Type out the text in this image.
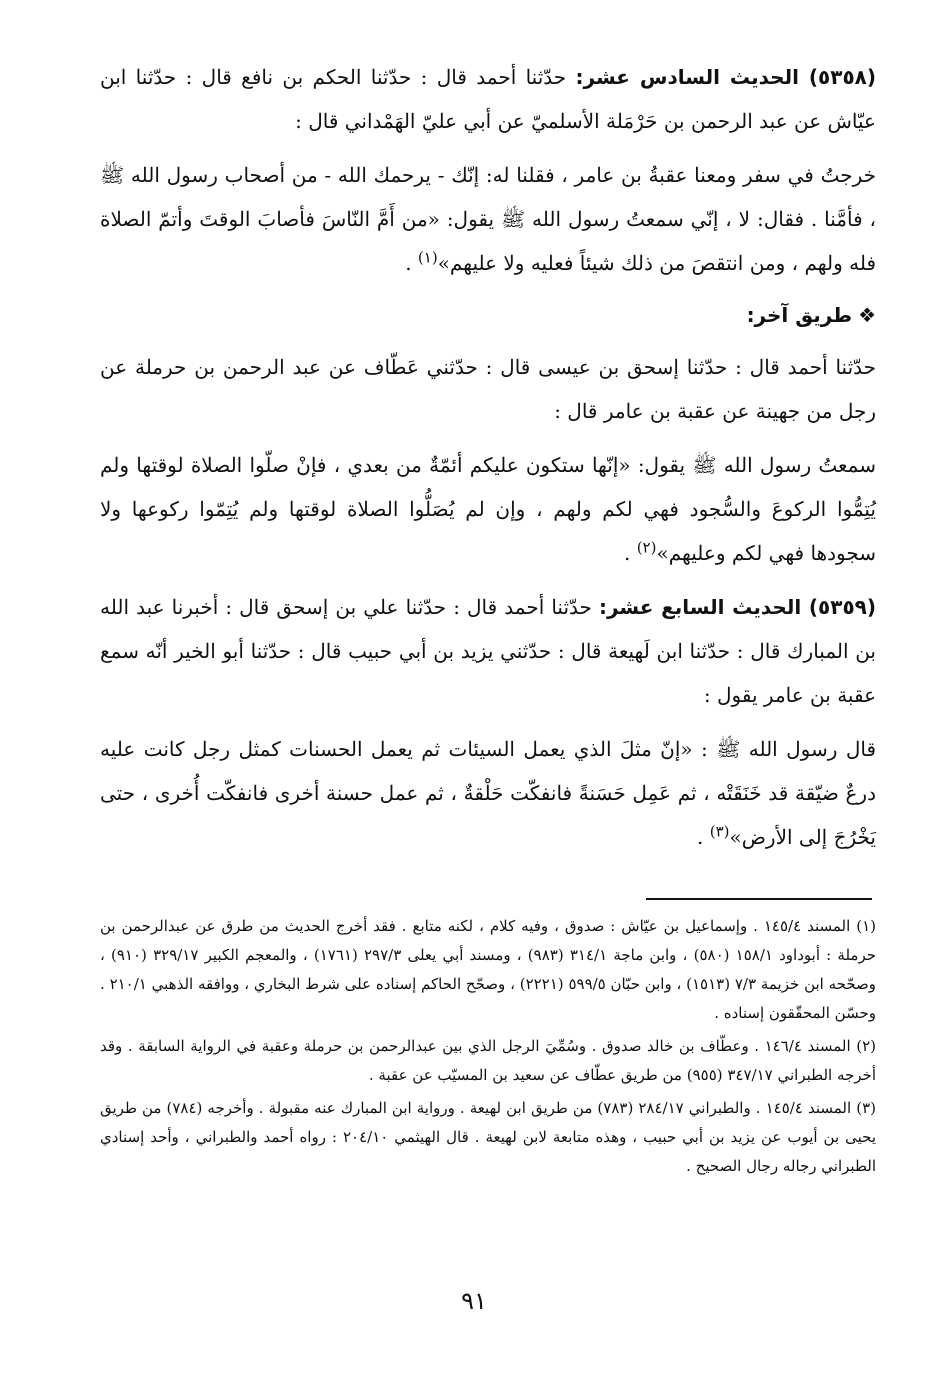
(٥٣٥٨) الحديث السادس عشر: حدّثنا أحمد قال : حدّثنا الحكم بن نافع قال : حدّثنا ابن عيّاش عن عبد الرحمن بن حَرْمَلة الأسلميّ عن أبي عليّ الهَمْداني قال :

خرجتُ في سفر ومعنا عقبةُ بن عامر ، فقلنا له: إنّك - يرحمك الله - من أصحاب رسول الله ﷺ ، فأمَّنا . فقال: لا ، إنّي سمعتُ رسول الله ﷺ يقول: «من أَمَّ النّاسَ فأصابَ الوقتَ وأتمّ الصلاة فله ولهم ، ومن انتقصَ من ذلك شيئاً فعليه ولا عليهم»$^{(١)}$ .

❖طريق آخر:

حدّثنا أحمد قال : حدّثنا إسحق بن عيسى قال : حدّثني عَطّاف عن عبد الرحمن بن حرملة عن رجل من جهينة عن عقبة بن عامر قال :

سمعتُ رسول الله ﷺ يقول: «إنّها ستكون عليكم أئمّةٌ من بعدي ، فإنْ صلّوا الصلاة لوقتها ولم يُتِمُّوا الركوعَ والسُّجود فهي لكم ولهم ، وإن لم يُصَلُّوا الصلاة لوقتها ولم يُتِمّوا ركوعها ولا سجودها فهي لكم وعليهم»$^{(٢)}$ .

(٥٣٥٩) الحديث السابع عشر: حدّثنا أحمد قال : حدّثنا علي بن إسحق قال : أخبرنا عبد الله بن المبارك قال : حدّثنا ابن لَهيعة قال : حدّثني يزيد بن أبي حبيب قال : حدّثنا أبو الخير أنّه سمع عقبة بن عامر يقول :

قال رسول الله ﷺ : «إنّ مثلَ الذي يعمل السيئات ثم يعمل الحسنات كمثل رجل كانت عليه درعٌ ضيّقة قد خَنَقَتْه ، ثم عَمِل حَسَنةً فانفكّت حَلْقةٌ ، ثم عمل حسنة أخرى فانفكّت أُخرى ، حتى يَخْرُجَ إلى الأرض»$^{(٣)}$ .

(١) المسند ١٤٥/٤ . وإسماعيل بن عيّاش : صدوق ، وفيه كلام ، لكنه متابع . فقد أخرج الحديث من طرق عن عبدالرحمن بن حرملة : أبوداود ١٥٨/١ (٥٨٠) ، وابن ماجة ٣١٤/١ (٩٨٣) ، ومسند أبي يعلى ٢٩٧/٣ (١٧٦١) ، والمعجم الكبير ٣٢٩/١٧ (٩١٠) ، وصحّحه ابن خزيمة ٧/٣ (١٥١٣) ، وابن حبّان ٥٩٩/٥ (٢٢٢١) ، وصحّح الحاكم إسناده على شرط البخاري ، ووافقه الذهبي ٢١٠/١ . وحسّن المحقّقون إسناده .

(٢) المسند ١٤٦/٤ . وعطّاف بن خالد صدوق . وسُمِّيَ الرجل الذي بين عبدالرحمن بن حرملة وعقبة في الرواية السابقة . وقد أخرجه الطبراني ٣٤٧/١٧ (٩٥٥) من طريق عطّاف عن سعيد بن المسيّب عن عقبة .

(٣) المسند ١٤٥/٤ . والطبراني ٢٨٤/١٧ (٧٨٣) من طريق ابن لهيعة . ورواية ابن المبارك عنه مقبولة . وأخرجه (٧٨٤) من طريق يحيى بن أيوب عن يزيد بن أبي حبيب ، وهذه متابعة لابن لهيعة . قال الهيثمي ٢٠٤/١٠ : رواه أحمد والطبراني ، وأحد إسنادي الطبراني رجاله رجال الصحيح .

٩١
